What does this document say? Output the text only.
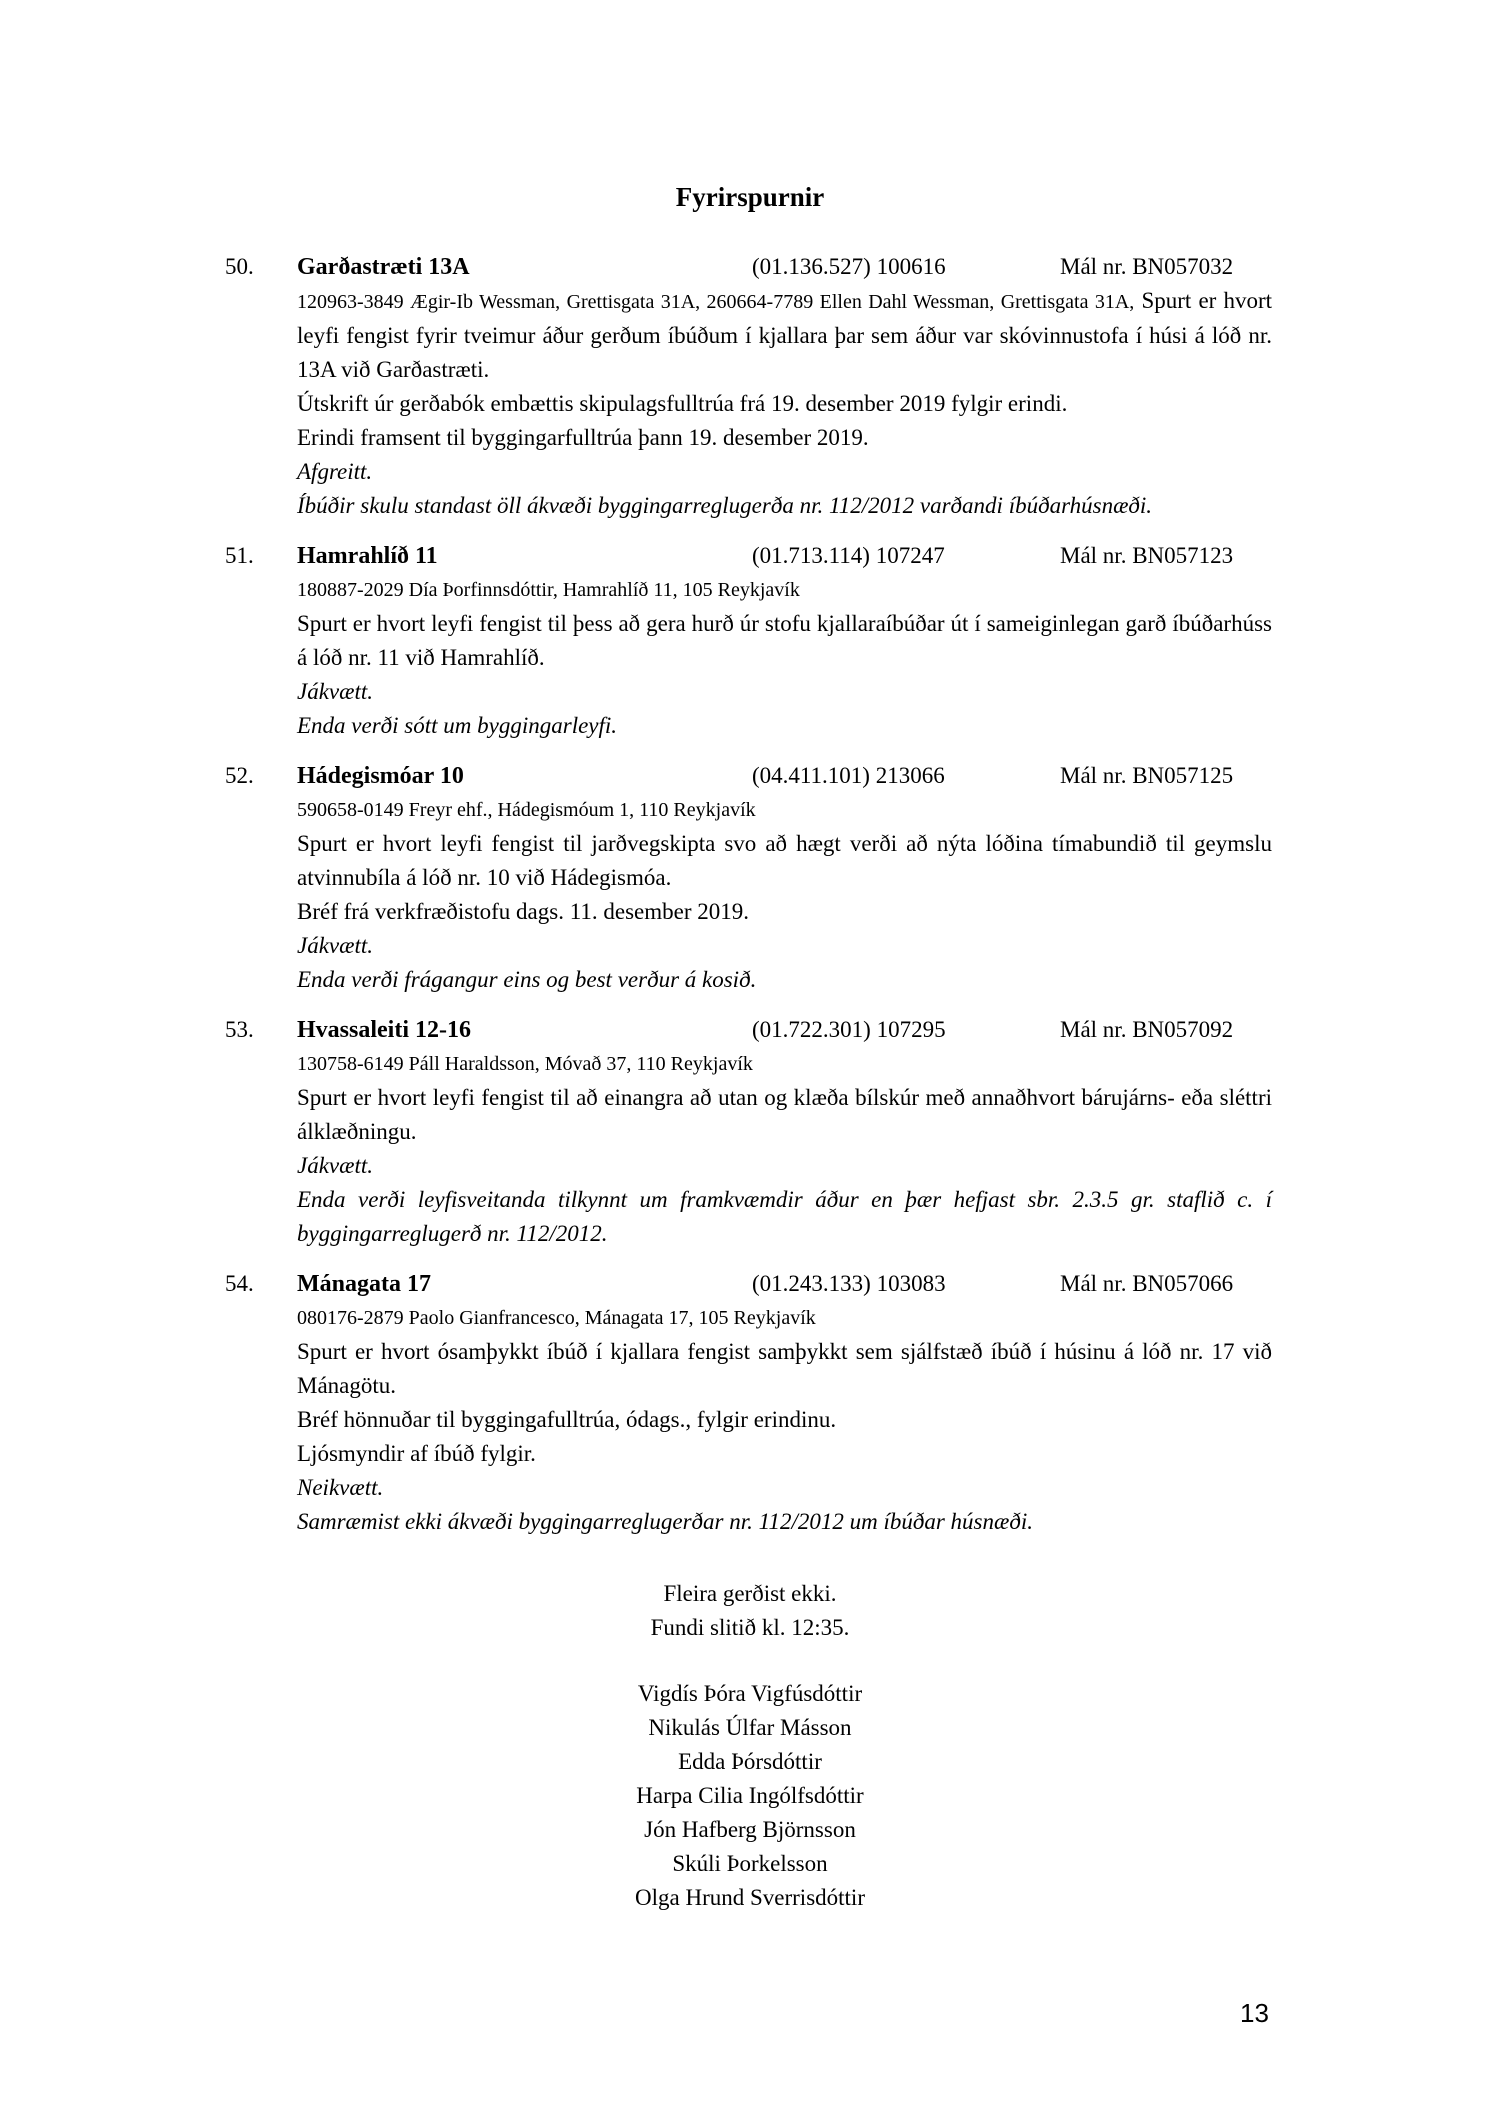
Fyrirspurnir
50.	Garðastræti 13A	(01.136.527) 100616	Mál nr. BN057032

120963-3849 Ægir-Ib Wessman, Grettisgata 31A, 260664-7789 Ellen Dahl Wessman, Grettisgata 31A, Spurt er hvort leyfi fengist fyrir tveimur áður gerðum íbúðum í kjallara þar sem áður var skóvinnustofa í húsi á lóð nr. 13A við Garðastræti.

Útskrift úr gerðabók embættis skipulagsfulltrúa frá 19. desember 2019 fylgir erindi.

Erindi framsent til byggingarfulltrúa þann 19. desember 2019.

Afgreitt.

Íbúðir skulu standast öll ákvæði byggingarreglugerða nr. 112/2012 varðandi íbúðarhúsnæði.

51.	Hamrahlíð 11	(01.713.114) 107247	Mál nr. BN057123

180887-2029 Día Þorfinnsdóttir, Hamrahlíð 11, 105 Reykjavík

Spurt er hvort leyfi fengist til þess að gera hurð úr stofu kjallaraíbúðar út í sameiginlegan garð íbúðarhúss á lóð nr. 11 við Hamrahlíð.

Jákvætt.

Enda verði sótt um byggingarleyfi.

52.	Hádegismóar 10	(04.411.101) 213066	Mál nr. BN057125

590658-0149 Freyr ehf., Hádegismóum 1, 110 Reykjavík

Spurt er hvort leyfi fengist til jarðvegskipta svo að hægt verði að nýta lóðina tímabundið til geymslu atvinnubíla á lóð nr. 10 við Hádegismóa.

Bréf frá verkfræðistofu dags. 11. desember 2019.

Jákvætt.

Enda verði frágangur eins og best verður á kosið.

53.	Hvassaleiti 12-16	(01.722.301) 107295	Mál nr. BN057092

130758-6149 Páll Haraldsson, Móvað 37, 110 Reykjavík

Spurt er hvort leyfi fengist til að einangra að utan og klæða bílskúr með annaðhvort bárujárns- eða sléttri álklæðningu.

Jákvætt.

Enda verði leyfisveitanda tilkynnt um framkvæmdir áður en þær hefjast sbr. 2.3.5 gr. staflið c. í byggingarreglugerð nr. 112/2012.

54.	Mánagata 17	(01.243.133) 103083	Mál nr. BN057066

080176-2879 Paolo Gianfrancesco, Mánagata 17, 105 Reykjavík

Spurt er hvort ósamþykkt íbúð í kjallara fengist samþykkt sem sjálfstæð íbúð í húsinu á lóð nr. 17 við Mánagötu.

Bréf hönnuðar til byggingafulltrúa, ódags., fylgir erindinu.

Ljósmyndir af íbúð fylgir.

Neikvætt.

Samræmist ekki ákvæði byggingarreglugerðar nr. 112/2012 um íbúðar húsnæði.

Fleira gerðist ekki.

Fundi slitið kl. 12:35.

Vigdís Þóra Vigfúsdóttir

Nikulás Úlfar Másson

Edda Þórsdóttir

Harpa Cilia Ingólfsdóttir

Jón Hafberg Björnsson

Skúli Þorkelsson

Olga Hrund Sverrisdóttir

13
